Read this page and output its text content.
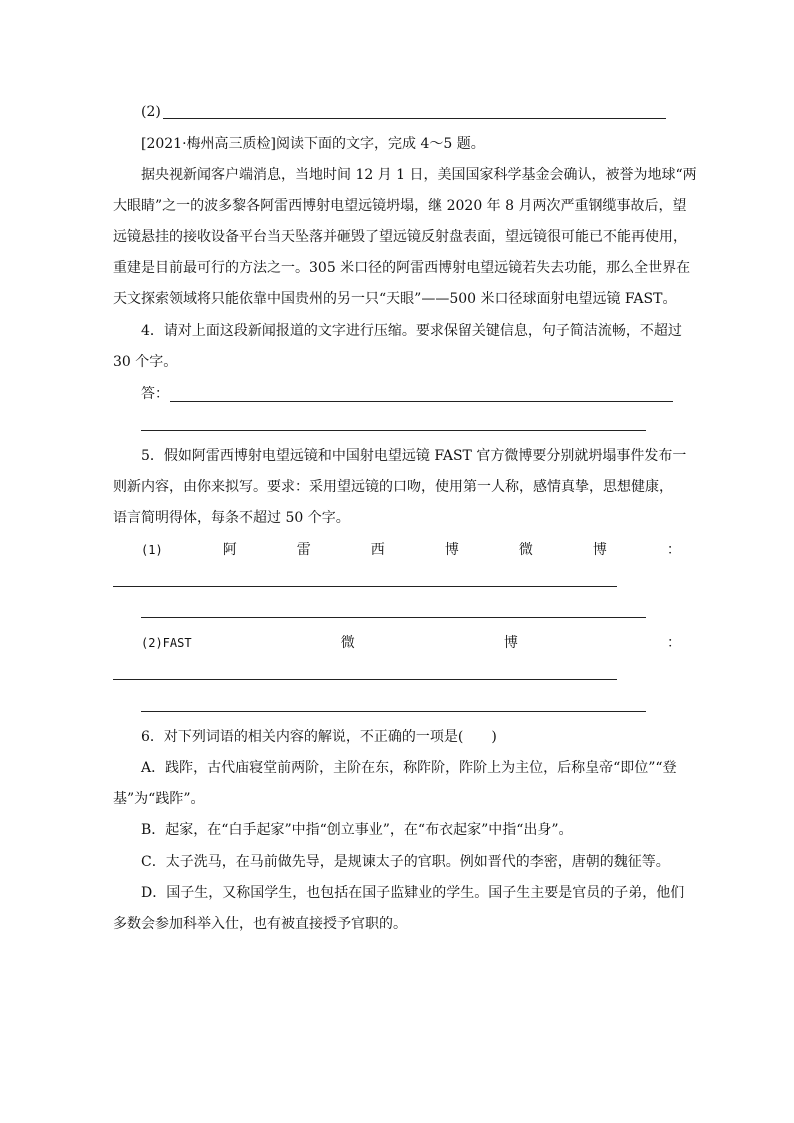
(2)
[2021·梅州高三质检]阅读下面的文字，完成 4～5 题。
据央视新闻客户端消息，当地时间 12 月 1 日，美国国家科学基金会确认，被誉为地球“两
大眼睛”之一的波多黎各阿雷西博射电望远镜坍塌，继 2020 年 8 月两次严重钢缆事故后，望
远镜悬挂的接收设备平台当天坠落并砸毁了望远镜反射盘表面，望远镜很可能已不能再使用，
重建是目前最可行的方法之一。305 米口径的阿雷西博射电望远镜若失去功能，那么全世界在
天文探索领域将只能依靠中国贵州的另一只“天眼”——500 米口径球面射电望远镜 FAST。
4．请对上面这段新闻报道的文字进行压缩。要求保留关键信息，句子简洁流畅，不超过
30 个字。
答：
5．假如阿雷西博射电望远镜和中国射电望远镜 FAST 官方微博要分别就坍塌事件发布一
则新内容，由你来拟写。要求：采用望远镜的口吻，使用第一人称，感情真挚，思想健康，
语言简明得体，每条不超过 50 个字。
(1)	阿	雷	西	博	微	博	：
(2)FAST	微	博	：
6．对下列词语的相关内容的解说，不正确的一项是(　　)
A．践阼，古代庙寝堂前两阶，主阶在东，称阼阶，阼阶上为主位，后称皇帝“即位”“登
基”为“践阼”。
B．起家，在“白手起家”中指“创立事业”，在“布衣起家”中指“出身”。
C．太子洗马，在马前做先导，是规谏太子的官职。例如晋代的李密，唐朝的魏征等。
D．国子生，又称国学生，也包括在国子监肄业的学生。国子生主要是官员的子弟，他们
多数会参加科举入仕，也有被直接授予官职的。
